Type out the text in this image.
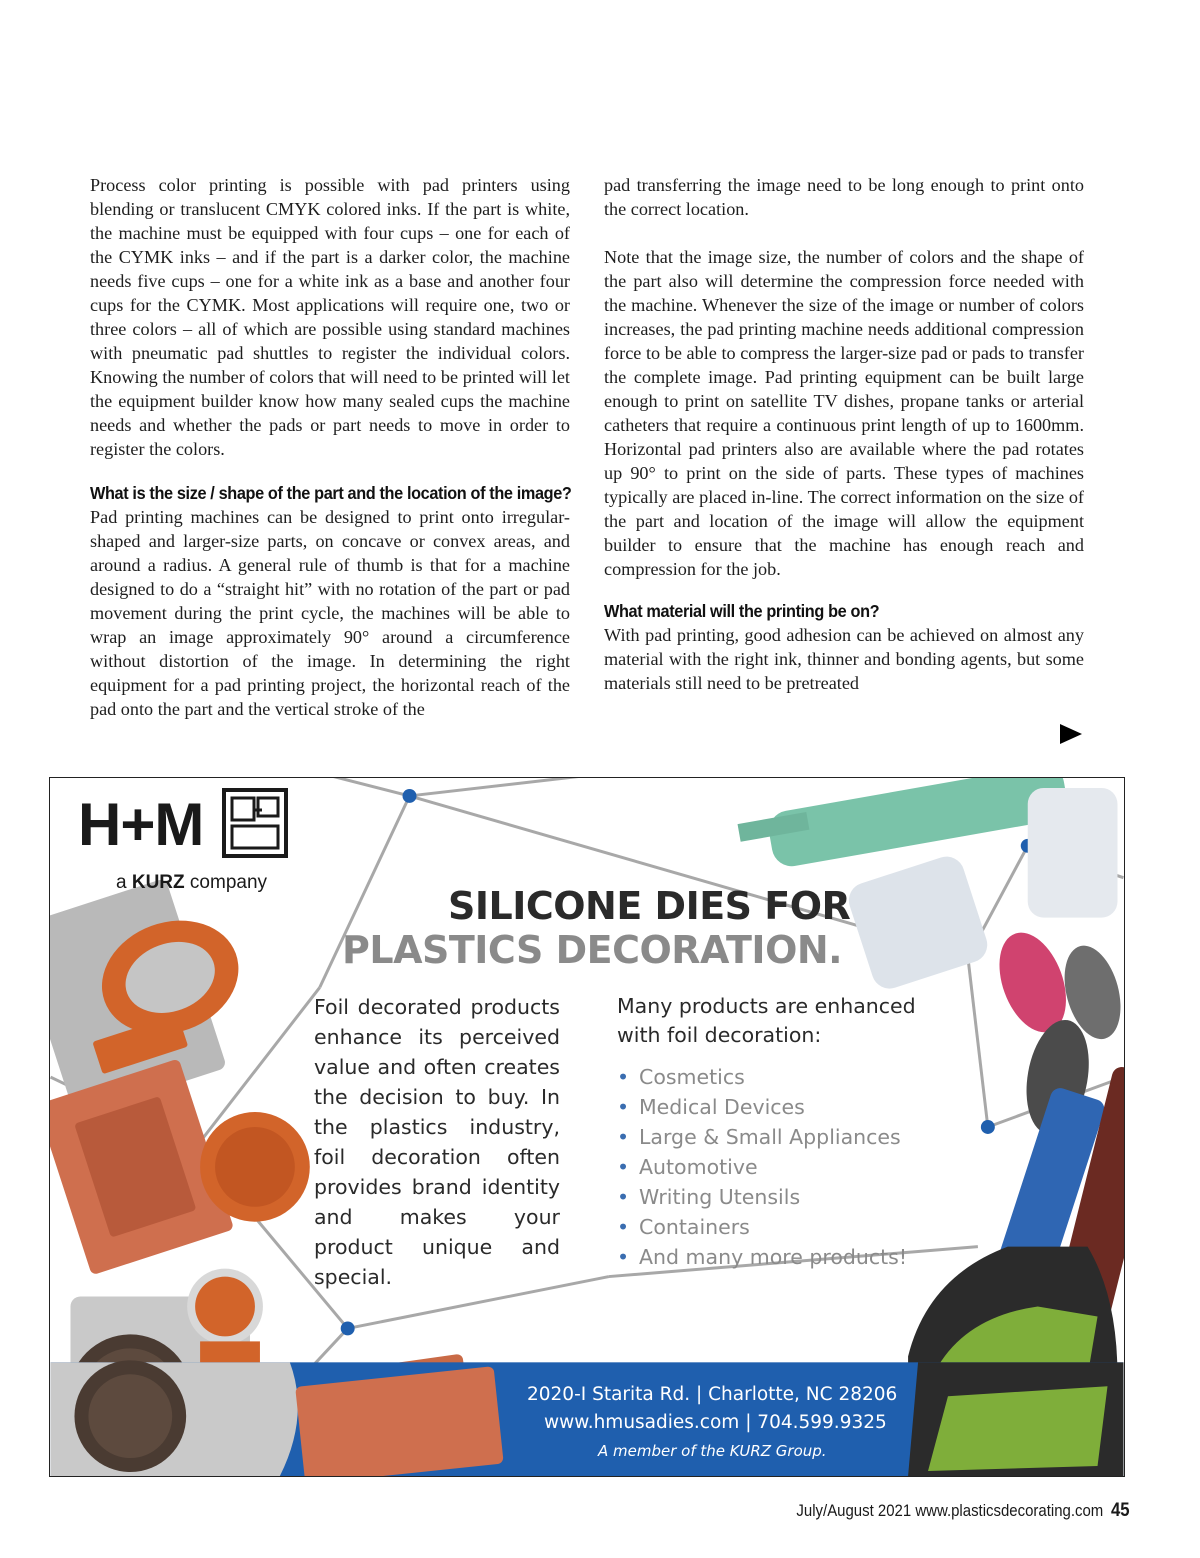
Process color printing is possible with pad printers using blending or translucent CMYK colored inks. If the part is white, the machine must be equipped with four cups – one for each of the CYMK inks – and if the part is a darker color, the machine needs five cups – one for a white ink as a base and another four cups for the CYMK. Most applications will require one, two or three colors – all of which are possible using standard machines with pneumatic pad shuttles to register the individual colors. Knowing the number of colors that will need to be printed will let the equipment builder know how many sealed cups the machine needs and whether the pads or part needs to move in order to register the colors.

What is the size / shape of the part and the location of the image?

Pad printing machines can be designed to print onto irregular-shaped and larger-size parts, on concave or convex areas, and around a radius. A general rule of thumb is that for a machine designed to do a “straight hit” with no rotation of the part or pad movement during the print cycle, the machines will be able to wrap an image approximately 90° around a circumference without distortion of the image. In determining the right equipment for a pad printing project, the horizontal reach of the pad onto the part and the vertical stroke of the

pad transferring the image need to be long enough to print onto the correct location.

Note that the image size, the number of colors and the shape of the part also will determine the compression force needed with the machine. Whenever the size of the image or number of colors increases, the pad printing machine needs additional compression force to be able to compress the larger-size pad or pads to transfer the complete image. Pad printing equipment can be built large enough to print on satellite TV dishes, propane tanks or arterial catheters that require a continuous print length of up to 1600mm. Horizontal pad printers also are available where the pad rotates up 90° to print on the side of parts. These types of machines typically are placed in-line. The correct information on the size of the part and location of the image will allow the equipment builder to ensure that the machine has enough reach and compression for the job.

What material will the printing be on?

With pad printing, good adhesion can be achieved on almost any material with the right ink, thinner and bonding agents, but some materials still need to be pretreated

H+M
a KURZ company
SILICONE DIES FOR
PLASTICS DECORATION.
Foil decorated products enhance its perceived value and often creates the decision to buy. In the plastics industry, foil decoration often provides brand identity and makes your product unique and special.
Many products are enhanced with foil decoration:
• Cosmetics
• Medical Devices
• Large & Small Appliances
• Automotive
• Writing Utensils
• Containers
• And many more products!
2020-I Starita Rd. | Charlotte, NC 28206
www.hmusadies.com | 704.599.9325
A member of the KURZ Group.
July/August 2021 www.plasticsdecorating.com 45
